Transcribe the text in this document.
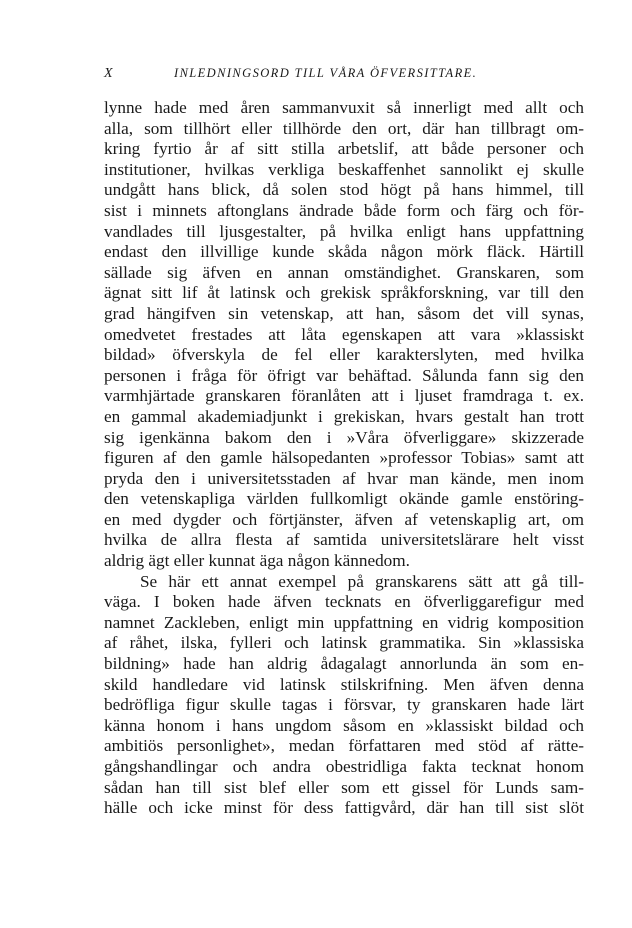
X	INLEDNINGSORD TILL VÅRA ÖFVERSITTARE.
lynne hade med åren sammanvuxit så innerligt med allt och
alla, som tillhört eller tillhörde den ort, där han tillbragt om-
kring fyrtio år af sitt stilla arbetslif, att både personer och
institutioner, hvilkas verkliga beskaffenhet sannolikt ej skulle
undgått hans blick, då solen stod högt på hans himmel, till
sist i minnets aftonglans ändrade både form och färg och för-
vandlades till ljusgestalter, på hvilka enligt hans uppfattning
endast den illvillige kunde skåda någon mörk fläck. Härtill
sällade sig äfven en annan omständighet. Granskaren, som
ägnat sitt lif åt latinsk och grekisk språkforskning, var till den
grad hängifven sin vetenskap, att han, såsom det vill synas,
omedvetet frestades att låta egenskapen att vara »klassiskt
bildad» öfverskyla de fel eller karakterslyten, med hvilka
personen i fråga för öfrigt var behäftad. Sålunda fann sig den
varmhjärtade granskaren föranlåten att i ljuset framdraga t. ex.
en gammal akademiadjunkt i grekiskan, hvars gestalt han trott
sig igenkänna bakom den i »Våra öfverliggare» skizzerade
figuren af den gamle hälsopedanten »professor Tobias» samt att
pryda den i universitetsstaden af hvar man kände, men inom
den vetenskapliga världen fullkomligt okände gamle enstöring-
en med dygder och förtjänster, äfven af vetenskaplig art, om
hvilka de allra flesta af samtida universitetslärare helt visst
aldrig ägt eller kunnat äga någon kännedom.
Se här ett annat exempel på granskarens sätt att gå till-
väga. I boken hade äfven tecknats en öfverliggarefigur med
namnet Zackleben, enligt min uppfattning en vidrig komposition
af råhet, ilska, fylleri och latinsk grammatika. Sin »klassiska
bildning» hade han aldrig ådagalagt annorlunda än som en-
skild handledare vid latinsk stilskrifning. Men äfven denna
bedröfliga figur skulle tagas i försvar, ty granskaren hade lärt
känna honom i hans ungdom såsom en »klassiskt bildad och
ambitiös personlighet», medan författaren med stöd af rätte-
gångshandlingar och andra obestridliga fakta tecknat honom
sådan han till sist blef eller som ett gissel för Lunds sam-
hälle och icke minst för dess fattigvård, där han till sist slöt
